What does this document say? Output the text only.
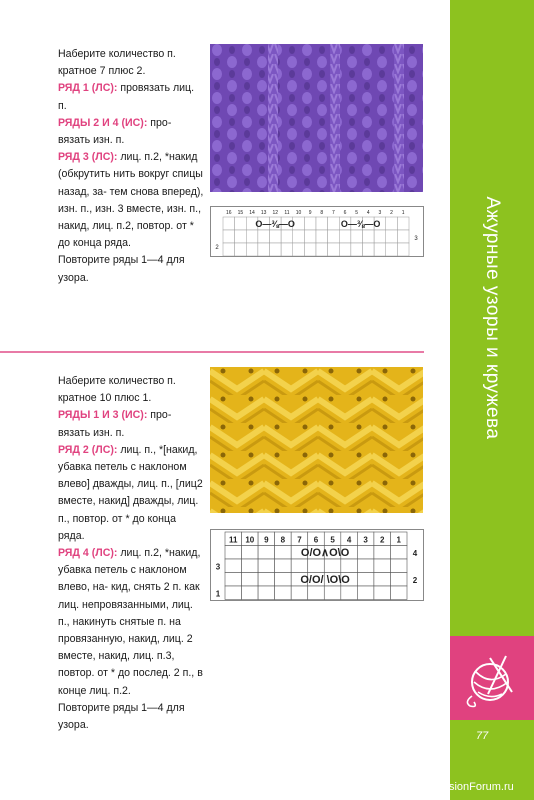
Наберите количество п. кратное 7 плюс 2.

РЯД 1 (ЛС): провязать лиц. п.

РЯДЫ 2 И 4 (ИС): про- вязать изн. п.

РЯД 3 (ЛС): лиц. п.2, *накид (обкрутить нить вокруг спицы назад, за- тем снова вперед), изн. п., изн. 3 вместе, изн. п., накид, лиц. п.2, повтор. от * до конца ряда.

Повторите ряды 1—4 для узора.

16 15 14 13 12 11 10 9 8 7 6 5 4 3 2 1
O—⅜—O	O—⅜—O
3
2

Наберите количество п. кратное 10 плюс 1.

РЯДЫ 1 И 3 (ИС): про- вязать изн. п.

РЯД 2 (ЛС): лиц. п., *[накид, убавка петель с наклоном влево] дважды, лиц. п., [лиц2 вместе, накид] дважды, лиц. п., повтор. от * до конца ряда.

РЯД 4 (ЛС): лиц. п.2, *накид, убавка петель с наклоном влево, на- кид, снять 2 п. как лиц. непровязанными, лиц. п., накинуть снятые п. на провязанную, накид, лиц. 2 вместе, накид, лиц. п.3, повтор. от * до послед. 2 п., в конце лиц. п.2.

Повторите ряды 1—4 для узора.

11 10 9 8 7 6 5 4 3 2 1
O/O∧O\O
O/O/ \O\O
4
2
3
1
Ажурные узоры и кружева
77
PassionForum.ru
